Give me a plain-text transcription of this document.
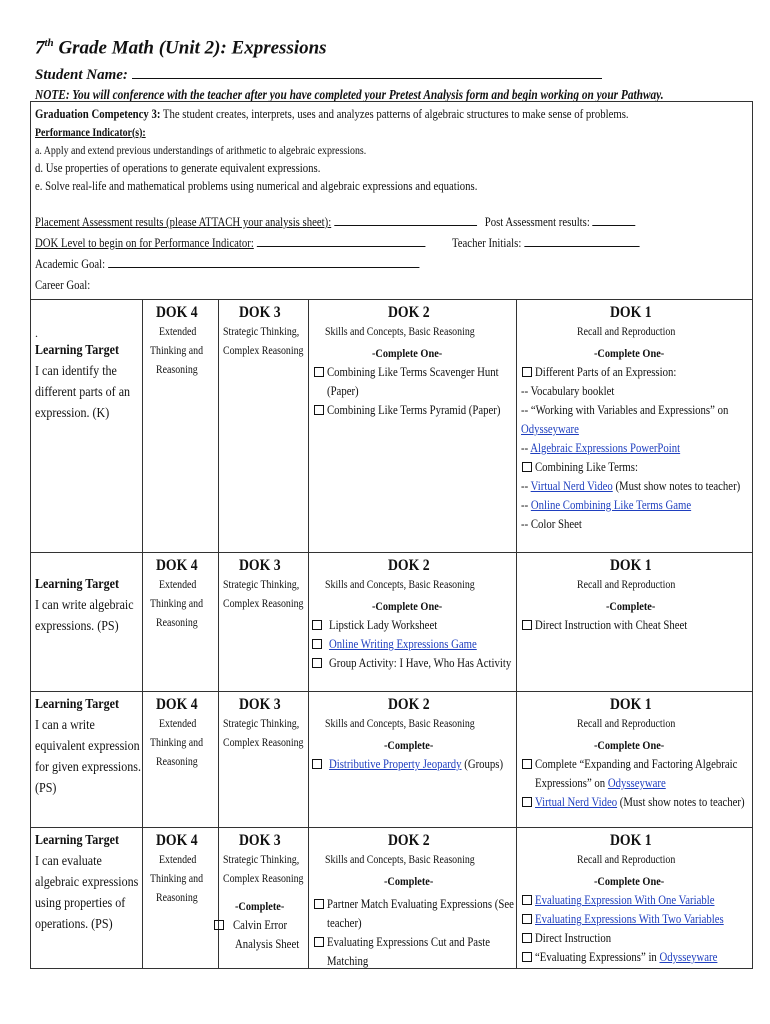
7th Grade Math (Unit 2): Expressions
Student Name:
NOTE: You will conference with the teacher after you have completed your Pretest Analysis form and begin working on your Pathway.
Graduation Competency 3: The student creates, interprets, uses and analyzes patterns of algebraic structures to make sense of problems.
Performance Indicator(s):
a. Apply and extend previous understandings of arithmetic to algebraic expressions.
d. Use properties of operations to generate equivalent expressions.
e. Solve real-life and mathematical problems using numerical and algebraic expressions and equations.
Placement Assessment results (please ATTACH your analysis sheet):	Post Assessment results:
DOK Level to begin on for Performance Indicator:	Teacher Initials:
Academic Goal:
Career Goal:
.
Learning Target
I can identify the
different parts of an
expression. (K)
DOK 4
Extended
Thinking and
Reasoning
DOK 3
Strategic Thinking,
Complex Reasoning
DOK 2
Skills and Concepts, Basic Reasoning
-Complete One-
Combining Like Terms Scavenger Hunt
(Paper)
Combining Like Terms Pyramid (Paper)
DOK 1
Recall and Reproduction
-Complete One-
Different Parts of an Expression:
-- Vocabulary booklet
-- “Working with Variables and Expressions” on
Odysseyware
-- Algebraic Expressions PowerPoint
Combining Like Terms:
-- Virtual Nerd Video (Must show notes to teacher)
-- Online Combining Like Terms Game
-- Color Sheet
Learning Target
I can write algebraic
expressions. (PS)
DOK 4
Extended
Thinking and
Reasoning
DOK 3
Strategic Thinking,
Complex Reasoning
DOK 2
Skills and Concepts, Basic Reasoning
-Complete One-
Lipstick Lady Worksheet
Online Writing Expressions Game
Group Activity: I Have, Who Has Activity
DOK 1
Recall and Reproduction
-Complete-
Direct Instruction with Cheat Sheet
Learning Target
I can a write
equivalent expression
for given expressions.
(PS)
DOK 4
Extended
Thinking and
Reasoning
DOK 3
Strategic Thinking,
Complex Reasoning
DOK 2
Skills and Concepts, Basic Reasoning
-Complete-
Distributive Property Jeopardy (Groups)
DOK 1
Recall and Reproduction
-Complete One-
Complete “Expanding and Factoring Algebraic
Expressions” on Odysseyware
Virtual Nerd Video (Must show notes to teacher)
Learning Target
I can evaluate
algebraic expressions
using properties of
operations. (PS)
DOK 4
Extended
Thinking and
Reasoning
DOK 3
Strategic Thinking,
Complex Reasoning
-Complete-
Calvin Error
Analysis Sheet
DOK 2
Skills and Concepts, Basic Reasoning
-Complete-
Partner Match Evaluating Expressions (See
teacher)
Evaluating Expressions Cut and Paste
Matching
DOK 1
Recall and Reproduction
-Complete One-
Evaluating Expression With One Variable
Evaluating Expressions With Two Variables
Direct Instruction
“Evaluating Expressions” in Odysseyware
